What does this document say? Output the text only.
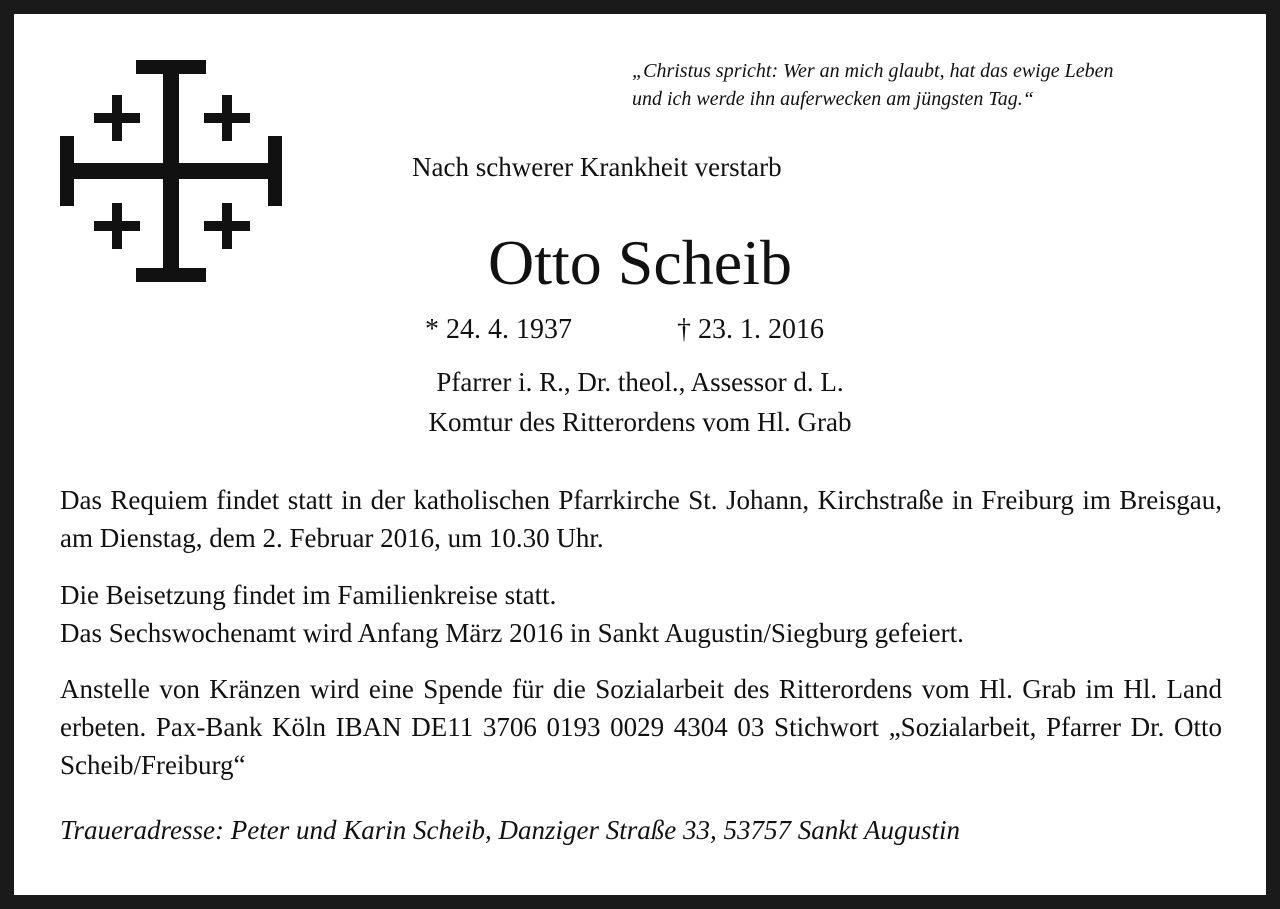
„Christus spricht: Wer an mich glaubt, hat das ewige Leben
und ich werde ihn auferwecken am jüngsten Tag.“
Nach schwerer Krankheit verstarb
Otto Scheib
* 24. 4. 1937	† 23. 1. 2016
Pfarrer i. R., Dr. theol., Assessor d. L.
Komtur des Ritterordens vom Hl. Grab
Das Requiem findet statt in der katholischen Pfarrkirche St. Johann, Kirchstraße in Freiburg im Breisgau, am Dienstag, dem 2. Februar 2016, um 10.30 Uhr.
Die Beisetzung findet im Familienkreise statt.
Das Sechswochenamt wird Anfang März 2016 in Sankt Augustin/Siegburg gefeiert.
Anstelle von Kränzen wird eine Spende für die Sozialarbeit des Ritterordens vom Hl. Grab im Hl. Land erbeten. Pax-Bank Köln IBAN DE11 3706 0193 0029 4304 03 Stichwort „Sozialarbeit, Pfarrer Dr. Otto Scheib/Freiburg“
Traueradresse: Peter und Karin Scheib, Danziger Straße 33, 53757 Sankt Augustin
